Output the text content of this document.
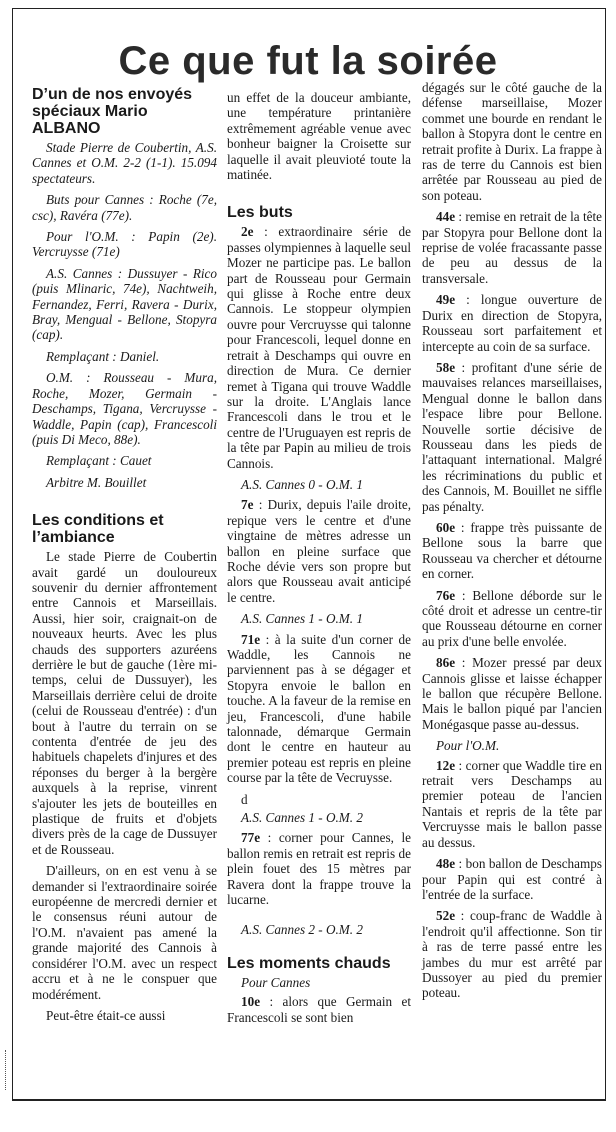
Ce que fut la soirée
D’un de nos envoyés spéciaux Mario ALBANO

Stade Pierre de Coubertin, A.S. Cannes et O.M. 2-2 (1-1). 15.094 spectateurs.

Buts pour Cannes : Roche (7e, csc), Ravéra (77e).

Pour l'O.M. : Papin (2e). Vercruysse (71e)

A.S. Cannes : Dussuyer - Rico (puis Mlinaric, 74e), Nachtweih, Fernandez, Ferri, Ravera - Durix, Bray, Mengual - Bellone, Stopyra (cap).

Remplaçant : Daniel.

O.M. : Rousseau - Mura, Roche, Mozer, Germain - Deschamps, Tigana, Vercruysse - Waddle, Papin (cap), Francescoli (puis Di Meco, 88e).

Remplaçant : Cauet

Arbitre M. Bouillet

Les conditions et l’ambiance

Le stade Pierre de Coubertin avait gardé un douloureux souvenir du dernier affrontement entre Cannois et Marseillais. Aussi, hier soir, craignait-on de nouveaux heurts. Avec les plus chauds des supporters azuréens derrière le but de gauche (1ère mi-temps, celui de Dussuyer), les Marseillais derrière celui de droite (celui de Rousseau d'entrée) : d'un bout à l'autre du terrain on se contenta d'entrée de jeu des habituels chapelets d'injures et des réponses du berger à la bergère auxquels à la reprise, vinrent s'ajouter les jets de bouteilles en plastique de fruits et d'objets divers près de la cage de Dussuyer et de Rousseau.

D'ailleurs, on en est venu à se demander si l'extraordinaire soirée européenne de mercredi dernier et le consensus réuni autour de l'O.M. n'avaient pas amené la grande majorité des Cannois à considérer l'O.M. avec un respect accru et à ne le conspuer que modérément.

Peut-être était-ce aussi

un effet de la douceur ambiante, une température printanière extrêmement agréable venue avec bonheur baigner la Croisette sur laquelle il avait pleuvioté toute la matinée.

Les buts

2e : extraordinaire série de passes olympiennes à laquelle seul Mozer ne participe pas. Le ballon part de Rousseau pour Germain qui glisse à Roche entre deux Cannois. Le stoppeur olympien ouvre pour Vercruysse qui talonne pour Francescoli, lequel donne en retrait à Deschamps qui ouvre en direction de Mura. Ce dernier remet à Tigana qui trouve Waddle sur la droite. L'Anglais lance Francescoli dans le trou et le centre de l'Uruguayen est repris de la tête par Papin au milieu de trois Cannois.

A.S. Cannes 0 - O.M. 1

7e : Durix, depuis l'aile droite, repique vers le centre et d'une vingtaine de mètres adresse un ballon en pleine surface que Roche dévie vers son propre but alors que Rousseau avait anticipé le centre.

A.S. Cannes 1 - O.M. 1

71e : à la suite d'un corner de Waddle, les Cannois ne parviennent pas à se dégager et Stopyra envoie le ballon en touche. A la faveur de la remise en jeu, Francescoli, d'une habile talonnade, démarque Germain dont le centre en hauteur au premier poteau est repris en pleine course par la tête de Vecruysse.

d

A.S. Cannes 1 - O.M. 2

77e : corner pour Cannes, le ballon remis en retrait est repris de plein fouet des 15 mètres par Ravera dont la frappe trouve la lucarne.

A.S. Cannes 2 - O.M. 2

Les moments chauds

Pour Cannes

10e : alors que Germain et Francescoli se sont bien

dégagés sur le côté gauche de la défense marseillaise, Mozer commet une bourde en rendant le ballon à Stopyra dont le centre en retrait profite à Durix. La frappe à ras de terre du Cannois est bien arrêtée par Rousseau au pied de son poteau.

44e : remise en retrait de la tête par Stopyra pour Bellone dont la reprise de volée fracassante passe de peu au dessus de la transversale.

49e : longue ouverture de Durix en direction de Stopyra, Rousseau sort parfaitement et intercepte au coin de sa surface.

58e : profitant d'une série de mauvaises relances marseillaises, Mengual donne le ballon dans l'espace libre pour Bellone. Nouvelle sortie décisive de Rousseau dans les pieds de l'attaquant international. Malgré les récriminations du public et des Cannois, M. Bouillet ne siffle pas pénalty.

60e : frappe très puissante de Bellone sous la barre que Rousseau va chercher et détourne en corner.

76e : Bellone déborde sur le côté droit et adresse un centre-tir que Rousseau détourne en corner au prix d'une belle envolée.

86e : Mozer pressé par deux Cannois glisse et laisse échapper le ballon que récupère Bellone. Mais le ballon piqué par l'ancien Monégasque passe au-dessus.

Pour l'O.M.

12e : corner que Waddle tire en retrait vers Deschamps au premier poteau de l'ancien Nantais et repris de la tête par Vercruysse mais le ballon passe au dessus.

48e : bon ballon de Deschamps pour Papin qui est contré à l'entrée de la surface.

52e : coup-franc de Waddle à l'endroit qu'il affectionne. Son tir à ras de terre passé entre les jambes du mur est arrêté par Dussoyer au pied du premier poteau.
